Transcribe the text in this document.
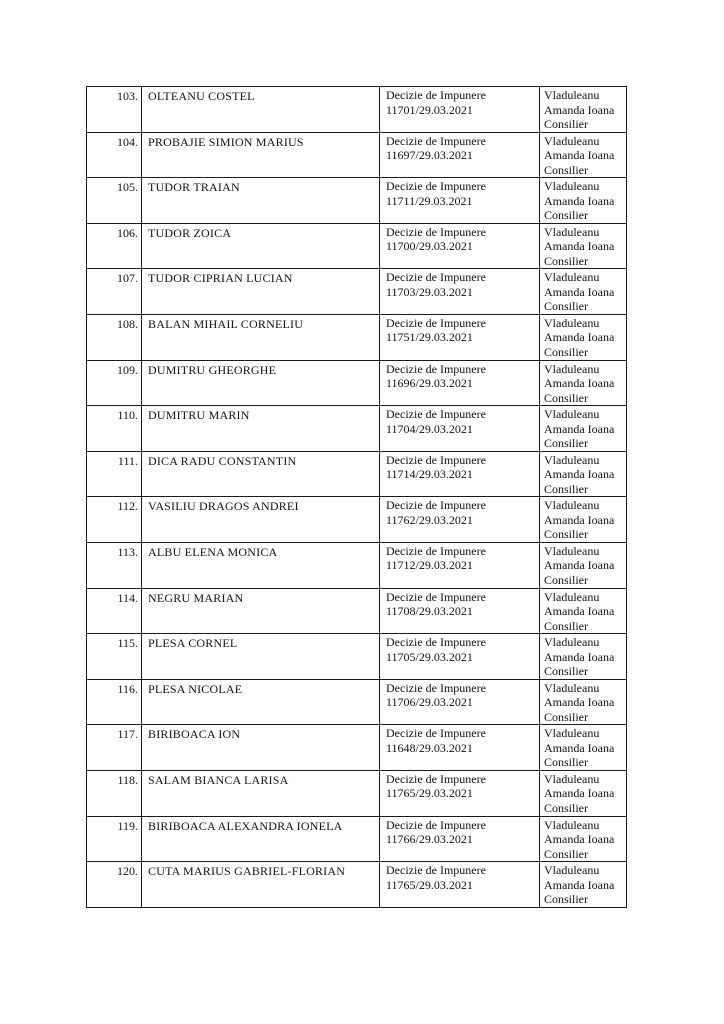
103.	OLTEANU COSTEL	Decizie de Impunere
11701/29.03.2021	Vladuleanu
Amanda Ioana
Consilier

104.	PROBAJIE SIMION MARIUS	Decizie de Impunere
11697/29.03.2021	Vladuleanu
Amanda Ioana
Consilier

105.	TUDOR TRAIAN	Decizie de Impunere
11711/29.03.2021	Vladuleanu
Amanda Ioana
Consilier

106.	TUDOR ZOICA	Decizie de Impunere
11700/29.03.2021	Vladuleanu
Amanda Ioana
Consilier

107.	TUDOR CIPRIAN LUCIAN	Decizie de Impunere
11703/29.03.2021	Vladuleanu
Amanda Ioana
Consilier

108.	BALAN MIHAIL CORNELIU	Decizie de Impunere
11751/29.03.2021	Vladuleanu
Amanda Ioana
Consilier

109.	DUMITRU GHEORGHE	Decizie de Impunere
11696/29.03.2021	Vladuleanu
Amanda Ioana
Consilier

110.	DUMITRU MARIN	Decizie de Impunere
11704/29.03.2021	Vladuleanu
Amanda Ioana
Consilier

111.	DICA RADU CONSTANTIN	Decizie de Impunere
11714/29.03.2021	Vladuleanu
Amanda Ioana
Consilier

112.	VASILIU DRAGOS ANDREI	Decizie de Impunere
11762/29.03.2021	Vladuleanu
Amanda Ioana
Consilier

113.	ALBU ELENA MONICA	Decizie de Impunere
11712/29.03.2021	Vladuleanu
Amanda Ioana
Consilier

114.	NEGRU MARIAN	Decizie de Impunere
11708/29.03.2021	Vladuleanu
Amanda Ioana
Consilier

115.	PLESA CORNEL	Decizie de Impunere
11705/29.03.2021	Vladuleanu
Amanda Ioana
Consilier

116.	PLESA NICOLAE	Decizie de Impunere
11706/29.03.2021	Vladuleanu
Amanda Ioana
Consilier

117.	BIRIBOACA ION	Decizie de Impunere
11648/29.03.2021	Vladuleanu
Amanda Ioana
Consilier

118.	SALAM BIANCA LARISA	Decizie de Impunere
11765/29.03.2021	Vladuleanu
Amanda Ioana
Consilier

119.	BIRIBOACA ALEXANDRA IONELA	Decizie de Impunere
11766/29.03.2021	Vladuleanu
Amanda Ioana
Consilier

120.	CUTA MARIUS GABRIEL-FLORIAN	Decizie de Impunere
11765/29.03.2021	Vladuleanu
Amanda Ioana
Consilier
